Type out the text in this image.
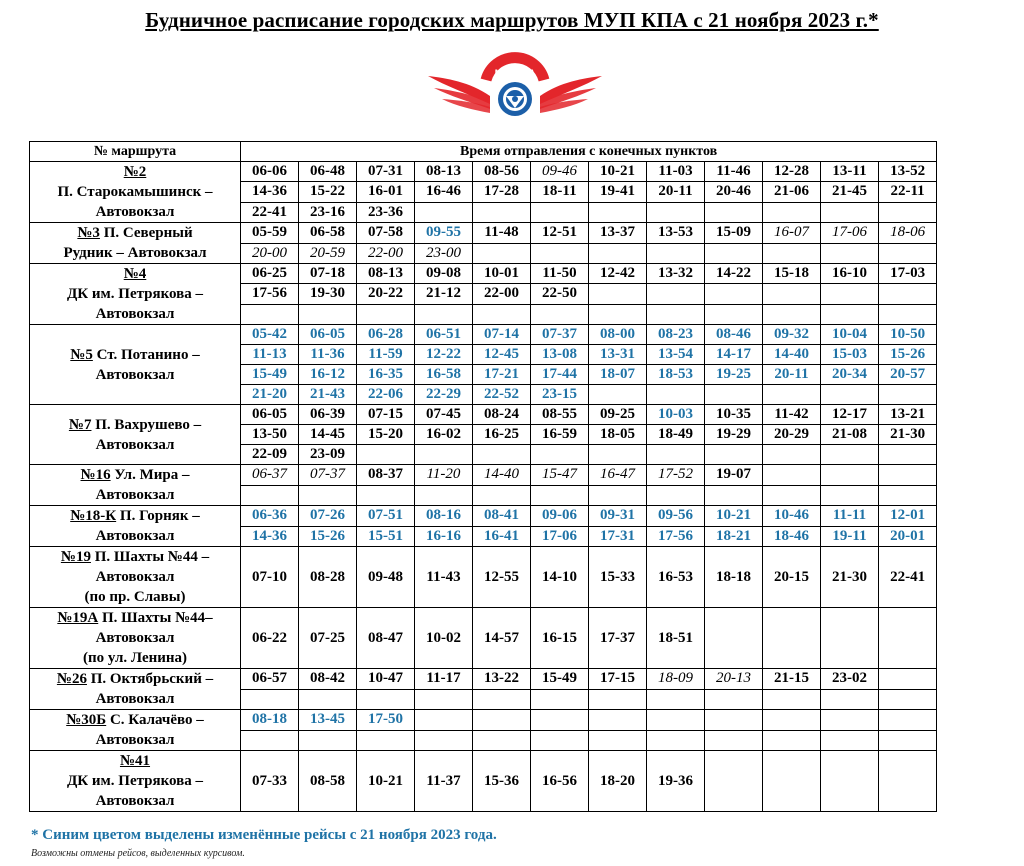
Будничное расписание городских маршрутов МУП КПА с 21 ноября 2023 г.*
МУП КПА
№ маршрута	Время отправления с конечных пунктов											
№2
П. Старокамышинск –
Автовокзал	06-06	06-48	07-31	08-13	08-56	09-46	10-21	11-03	11-46	12-28	13-11	13-52
	14-36	15-22	16-01	16-46	17-28	18-11	19-41	20-11	20-46	21-06	21-45	22-11
	22-41	23-16	23-36									
№3 П. Северный
Рудник – Автовокзал	05-59	06-58	07-58	09-55	11-48	12-51	13-37	13-53	15-09	16-07	17-06	18-06
	20-00	20-59	22-00	23-00								
№4
ДК им. Петрякова –
Автовокзал	06-25	07-18	08-13	09-08	10-01	11-50	12-42	13-32	14-22	15-18	16-10	17-03
	17-56	19-30	20-22	21-12	22-00	22-50						

№5 Ст. Потанино –
Автовокзал	05-42	06-05	06-28	06-51	07-14	07-37	08-00	08-23	08-46	09-32	10-04	10-50
	11-13	11-36	11-59	12-22	12-45	13-08	13-31	13-54	14-17	14-40	15-03	15-26
	15-49	16-12	16-35	16-58	17-21	17-44	18-07	18-53	19-25	20-11	20-34	20-57
	21-20	21-43	22-06	22-29	22-52	23-15						
№7 П. Вахрушево –
Автовокзал	06-05	06-39	07-15	07-45	08-24	08-55	09-25	10-03	10-35	11-42	12-17	13-21
	13-50	14-45	15-20	16-02	16-25	16-59	18-05	18-49	19-29	20-29	21-08	21-30
	22-09	23-09										
№16 Ул. Мира –
Автовокзал	06-37	07-37	08-37	11-20	14-40	15-47	16-47	17-52	19-07			

№18-К П. Горняк –
Автовокзал	06-36	07-26	07-51	08-16	08-41	09-06	09-31	09-56	10-21	10-46	11-11	12-01
	14-36	15-26	15-51	16-16	16-41	17-06	17-31	17-56	18-21	18-46	19-11	20-01
№19 П. Шахты №44 –
Автовокзал
(по пр. Славы)	07-10	08-28	09-48	11-43	12-55	14-10	15-33	16-53	18-18	20-15	21-30	22-41
№19А П. Шахты №44–
Автовокзал
(по ул. Ленина)	06-22	07-25	08-47	10-02	14-57	16-15	17-37	18-51				
№26 П. Октябрьский –
Автовокзал	06-57	08-42	10-47	11-17	13-22	15-49	17-15	18-09	20-13	21-15	23-02	

№30Б С. Калачёво –
Автовокзал	08-18	13-45	17-50									

№41
ДК им. Петрякова –
Автовокзал	07-33	08-58	10-21	11-37	15-36	16-56	18-20	19-36				
* Синим цветом выделены изменённые рейсы с 21 ноября 2023 года.
Возможны отмены рейсов, выделенных курсивом.
